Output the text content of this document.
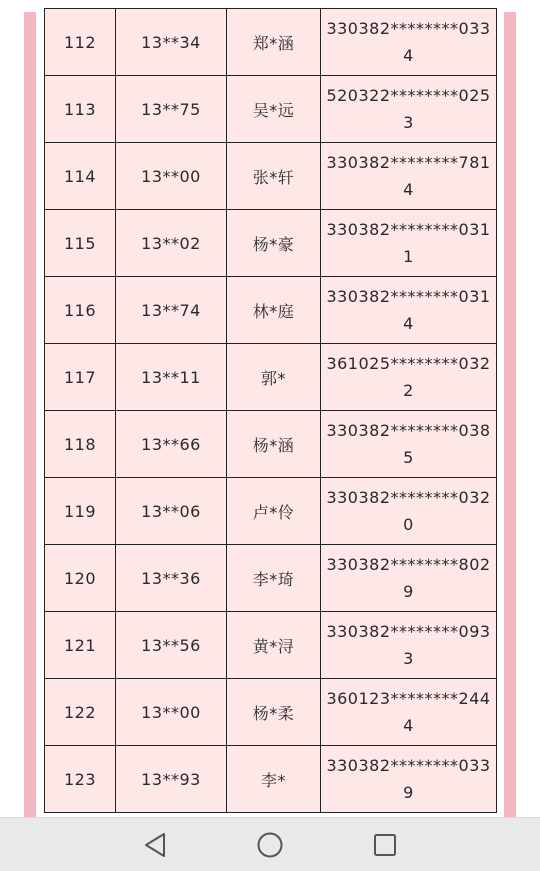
112	13**34	郑*涵	330382********0334
113	13**75	吴*远	520322********0253
114	13**00	张*轩	330382********7814
115	13**02	杨*豪	330382********0311
116	13**74	林*庭	330382********0314
117	13**11	郭*	361025********0322
118	13**66	杨*涵	330382********0385
119	13**06	卢*伶	330382********0320
120	13**36	李*琦	330382********8029
121	13**56	黄*浔	330382********0933
122	13**00	杨*柔	360123********2444
123	13**93	李*	330382********0339
